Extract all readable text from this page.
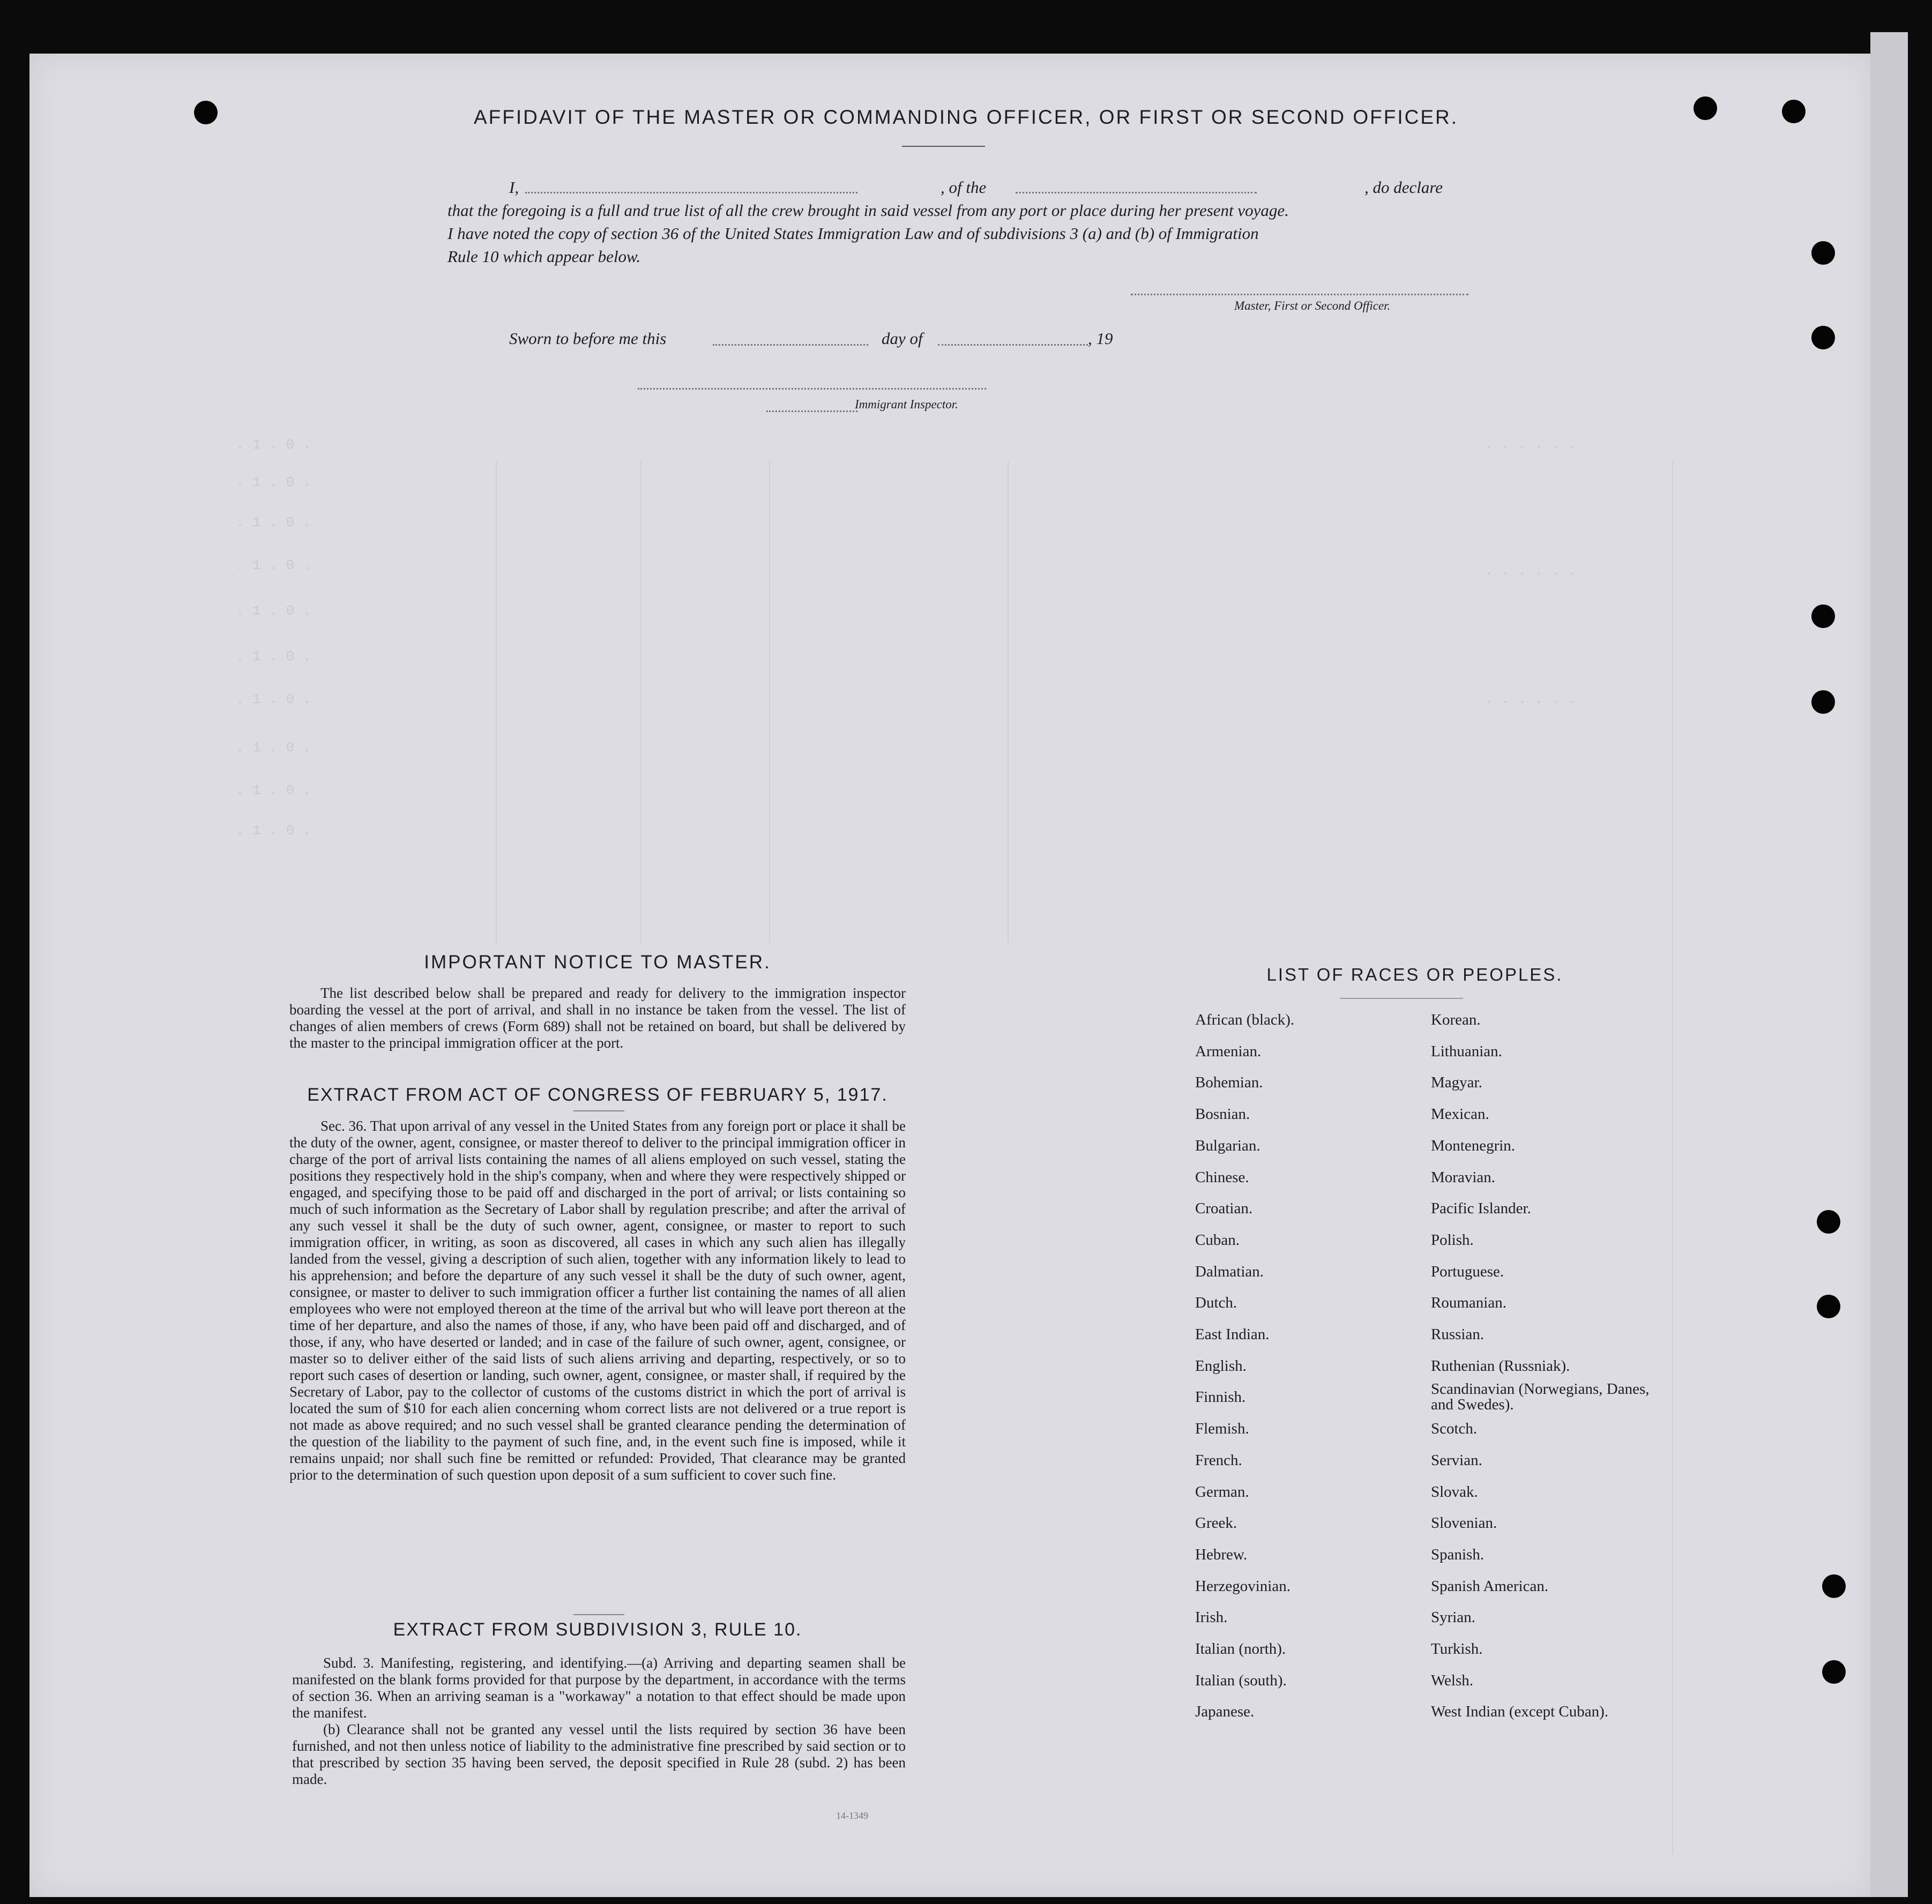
. 1 . 0 .
. 1 . 0 .
. 1 . 0 .
. 1 . 0 .
. 1 . 0 .
. 1 . 0 .
. 1 . 0 .
. 1 . 0 .
. 1 . 0 .
. 1 . 0 .
. . . . . .
. . . . . .
. . . . . .
AFFIDAVIT OF THE MASTER OR COMMANDING OFFICER, OR FIRST OR SECOND OFFICER.
I,	, of the	, do declare
that the foregoing is a full and true list of all the crew brought in said vessel from any port or place during her present voyage.
I have noted the copy of section 36 of the United States Immigration Law and of subdivisions 3 (a) and (b) of Immigration
Rule 10 which appear below.
Master, First or Second Officer.
Sworn to before me this	day of	, 19
Immigrant Inspector.
IMPORTANT NOTICE TO MASTER.

The list described below shall be prepared and ready for delivery to the immigration inspector boarding the vessel at the port of arrival, and shall in no instance be taken from the vessel. The list of changes of alien members of crews (Form 689) shall not be retained on board, but shall be delivered by the master to the principal immigration officer at the port.

EXTRACT FROM ACT OF CONGRESS OF FEBRUARY 5, 1917.

Sec. 36. That upon arrival of any vessel in the United States from any foreign port or place it shall be the duty of the owner, agent, consignee, or master thereof to deliver to the principal immigration officer in charge of the port of arrival lists containing the names of all aliens employed on such vessel, stating the positions they respectively hold in the ship's company, when and where they were respectively shipped or engaged, and specifying those to be paid off and discharged in the port of arrival; or lists containing so much of such information as the Secretary of Labor shall by regulation prescribe; and after the arrival of any such vessel it shall be the duty of such owner, agent, consignee, or master to report to such immigration officer, in writing, as soon as discovered, all cases in which any such alien has illegally landed from the vessel, giving a description of such alien, together with any information likely to lead to his apprehension; and before the departure of any such vessel it shall be the duty of such owner, agent, consignee, or master to deliver to such immigration officer a further list containing the names of all alien employees who were not employed thereon at the time of the arrival but who will leave port thereon at the time of her departure, and also the names of those, if any, who have been paid off and discharged, and of those, if any, who have deserted or landed; and in case of the failure of such owner, agent, consignee, or master so to deliver either of the said lists of such aliens arriving and departing, respectively, or so to report such cases of desertion or landing, such owner, agent, consignee, or master shall, if required by the Secretary of Labor, pay to the collector of customs of the customs district in which the port of arrival is located the sum of $10 for each alien concerning whom correct lists are not delivered or a true report is not made as above required; and no such vessel shall be granted clearance pending the determination of the question of the liability to the payment of such fine, and, in the event such fine is imposed, while it remains unpaid; nor shall such fine be remitted or refunded: Provided, That clearance may be granted prior to the determination of such question upon deposit of a sum sufficient to cover such fine.

EXTRACT FROM SUBDIVISION 3, RULE 10.

Subd. 3. Manifesting, registering, and identifying.—(a) Arriving and departing seamen shall be manifested on the blank forms provided for that purpose by the department, in accordance with the terms of section 36. When an arriving seaman is a "workaway" a notation to that effect should be made upon the manifest.

(b) Clearance shall not be granted any vessel until the lists required by section 36 have been furnished, and not then unless notice of liability to the administrative fine prescribed by said section or to that prescribed by section 35 having been served, the deposit specified in Rule 28 (subd. 2) has been made.

14-1349
LIST OF RACES OR PEOPLES.
African (black).
Armenian.
Bohemian.
Bosnian.
Bulgarian.
Chinese.
Croatian.
Cuban.
Dalmatian.
Dutch.
East Indian.
English.
Finnish.
Flemish.
French.
German.
Greek.
Hebrew.
Herzegovinian.
Irish.
Italian (north).
Italian (south).
Japanese.
Korean.
Lithuanian.
Magyar.
Mexican.
Montenegrin.
Moravian.
Pacific Islander.
Polish.
Portuguese.
Roumanian.
Russian.
Ruthenian (Russniak).
Scandinavian (Norwegians, Danes, and Swedes).
Scotch.
Servian.
Slovak.
Slovenian.
Spanish.
Spanish American.
Syrian.
Turkish.
Welsh.
West Indian (except Cuban).
